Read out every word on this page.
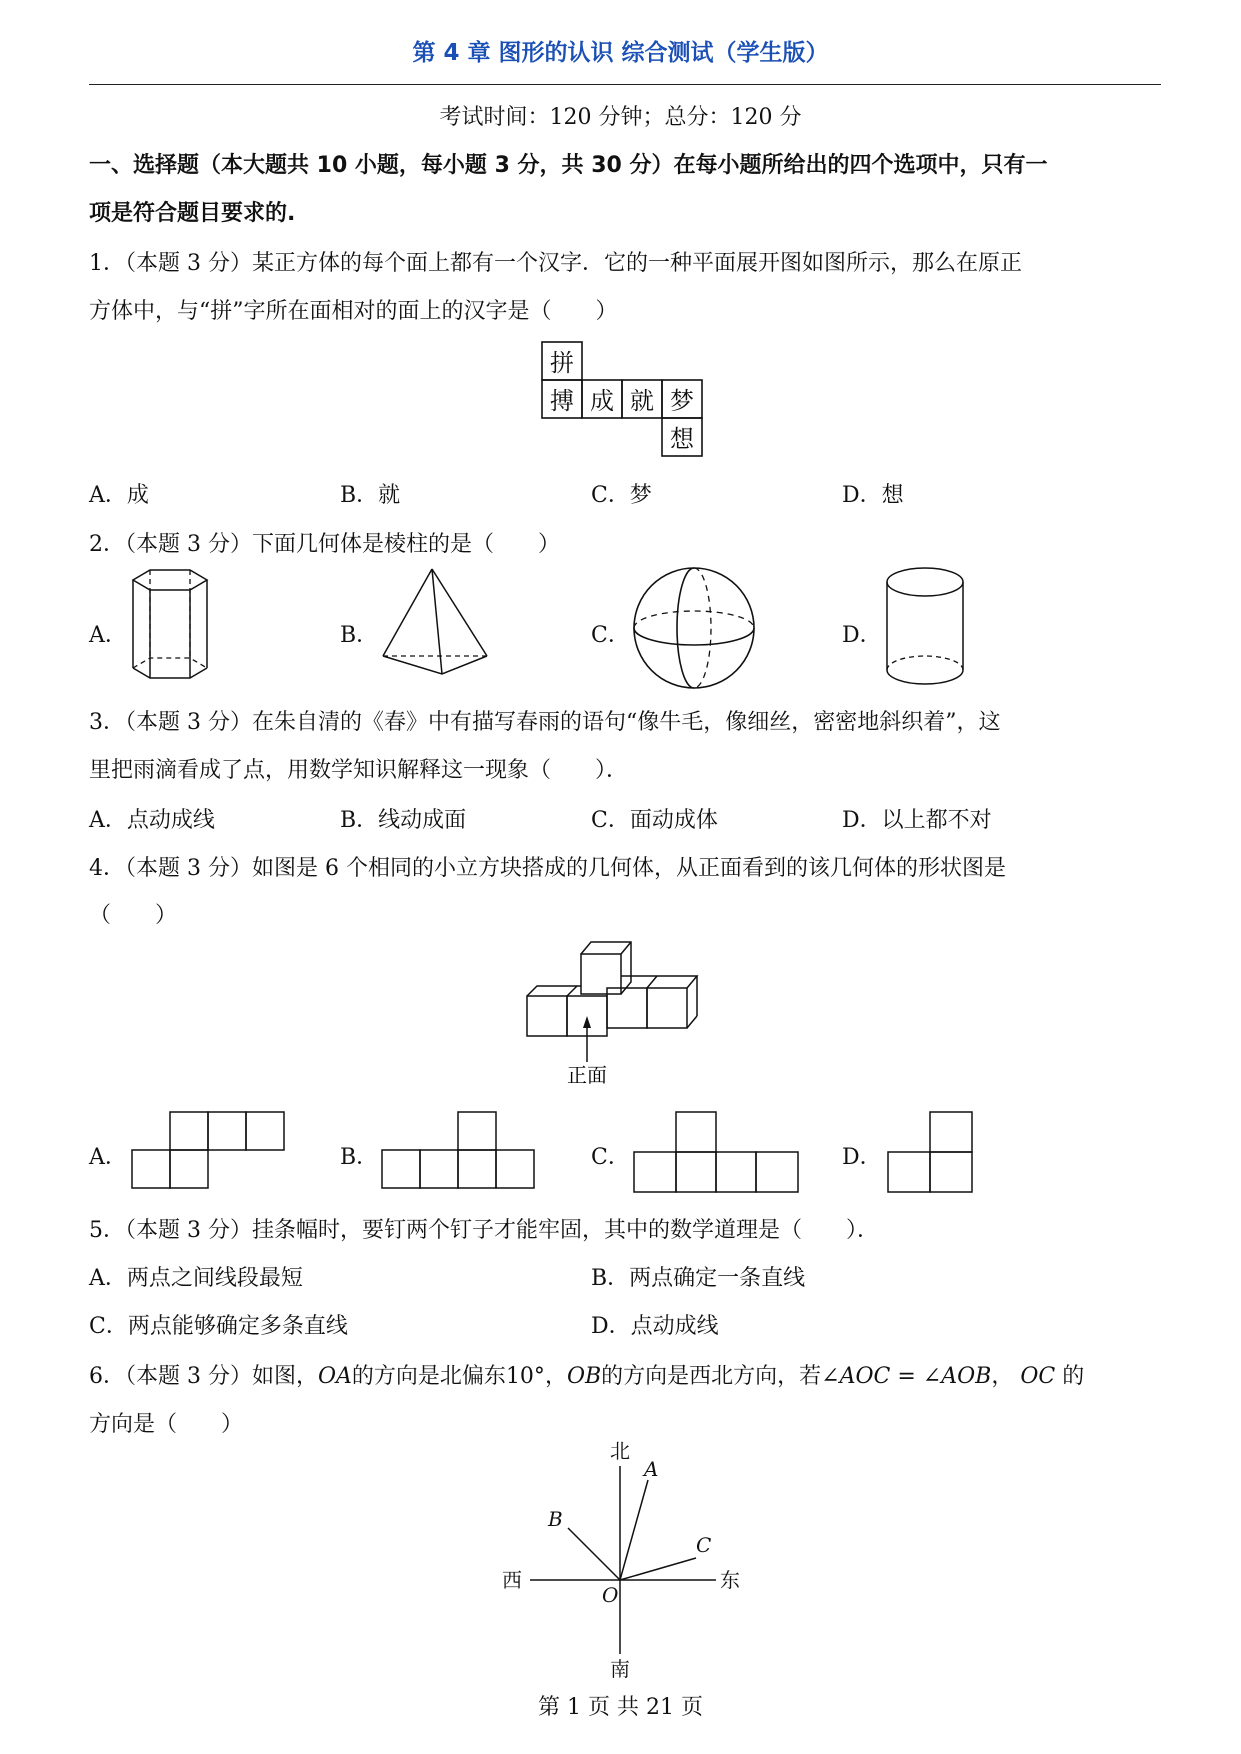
第 4 章 图形的认识 综合测试（学生版）
考试时间：120 分钟；总分：120 分
一、选择题（本大题共 10 小题，每小题 3 分，共 30 分）在每小题所给出的四个选项中，只有一
项是符合题目要求的.
1．（本题 3 分）某正方体的每个面上都有一个汉字．它的一种平面展开图如图所示，那么在原正
方体中，与“拼”字所在面相对的面上的汉字是（　　）
拼
搏 成 就 梦
想
A．成	B．就	C．梦	D．想
2．（本题 3 分）下面几何体是棱柱的是（　　）
A．	B．	C．	D．
3．（本题 3 分）在朱自清的《春》中有描写春雨的语句“像牛毛，像细丝，密密地斜织着”，这
里把雨滴看成了点，用数学知识解释这一现象（　　）．
A．点动成线	B．线动成面	C．面动成体	D．以上都不对
4．（本题 3 分）如图是 6 个相同的小立方块搭成的几何体，从正面看到的该几何体的形状图是
（　　）
正面
A．	B．	C．	D．
5．（本题 3 分）挂条幅时，要钉两个钉子才能牢固，其中的数学道理是（　　）．
A．两点之间线段最短	B．两点确定一条直线
C．两点能够确定多条直线	D．点动成线
6．（本题 3 分）如图，OA的方向是北偏东10°，OB的方向是西北方向，若∠AOC = ∠AOB， OC 的
方向是（　　）
北
南
西	东
A
B
C
O
第 1 页 共 21 页
